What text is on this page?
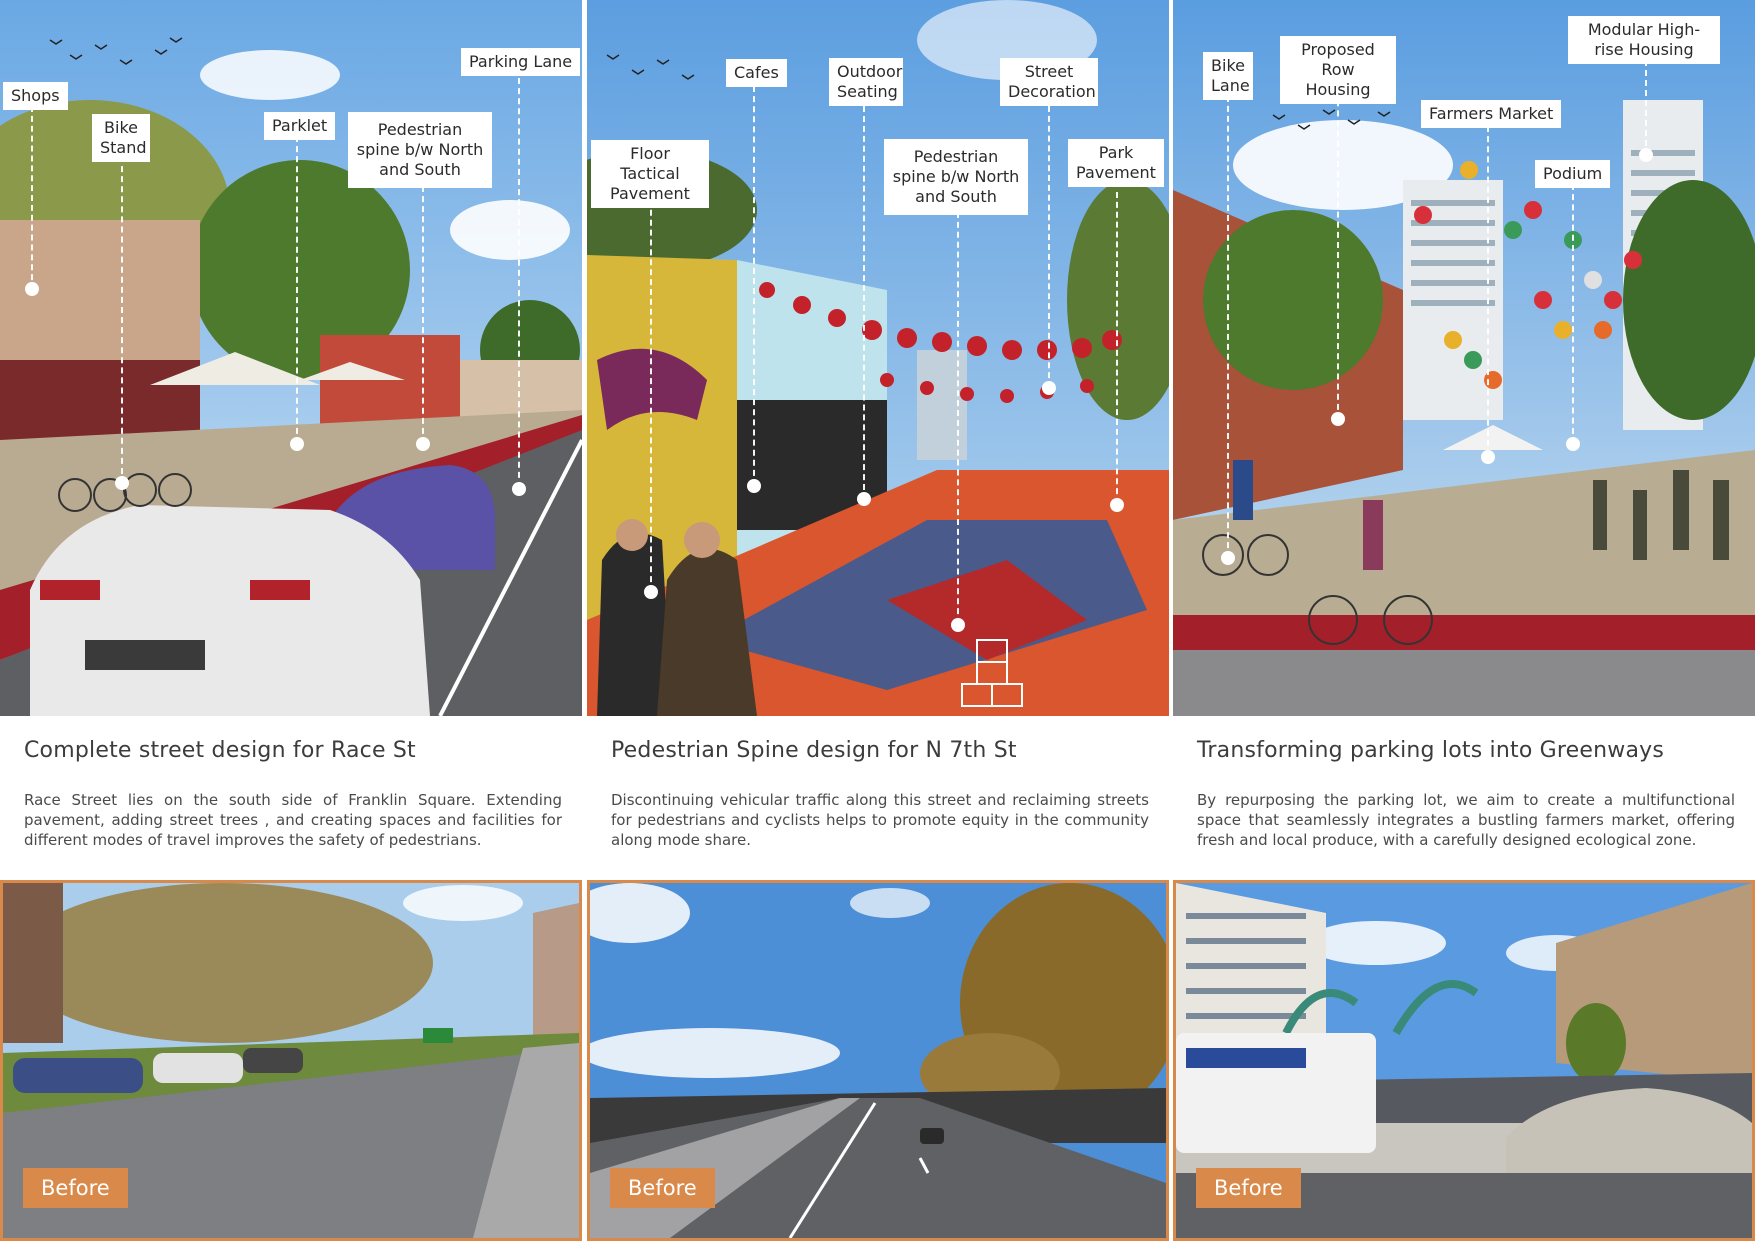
Shops
Bike Stand
Parklet	Pedestrian spine b/w North and South
Parking Lane
Complete street design for Race St
Race Street lies on the south side of Franklin Square. Extending pavement, adding street trees , and creating spaces and facilities for different modes of travel improves the safety of pedestrians.
Before
Floor Tactical Pavement
Cafes	Outdoor Seating
Pedestrian spine b/w North and South
Street Decoration
Park Pavement
Pedestrian Spine design for N 7th St
Discontinuing vehicular traffic along this street and reclaiming streets for pedestrians and cyclists helps to promote equity in the community along mode share.
Before
Bike Lane
Proposed Row Housing
Farmers Market
Podium
Modular High-rise Housing
Transforming parking lots into Greenways
By repurposing the parking lot, we aim to create a multifunctional space that seamlessly integrates a bustling farmers market, offering fresh and local produce, with a carefully designed ecological zone.
Before
